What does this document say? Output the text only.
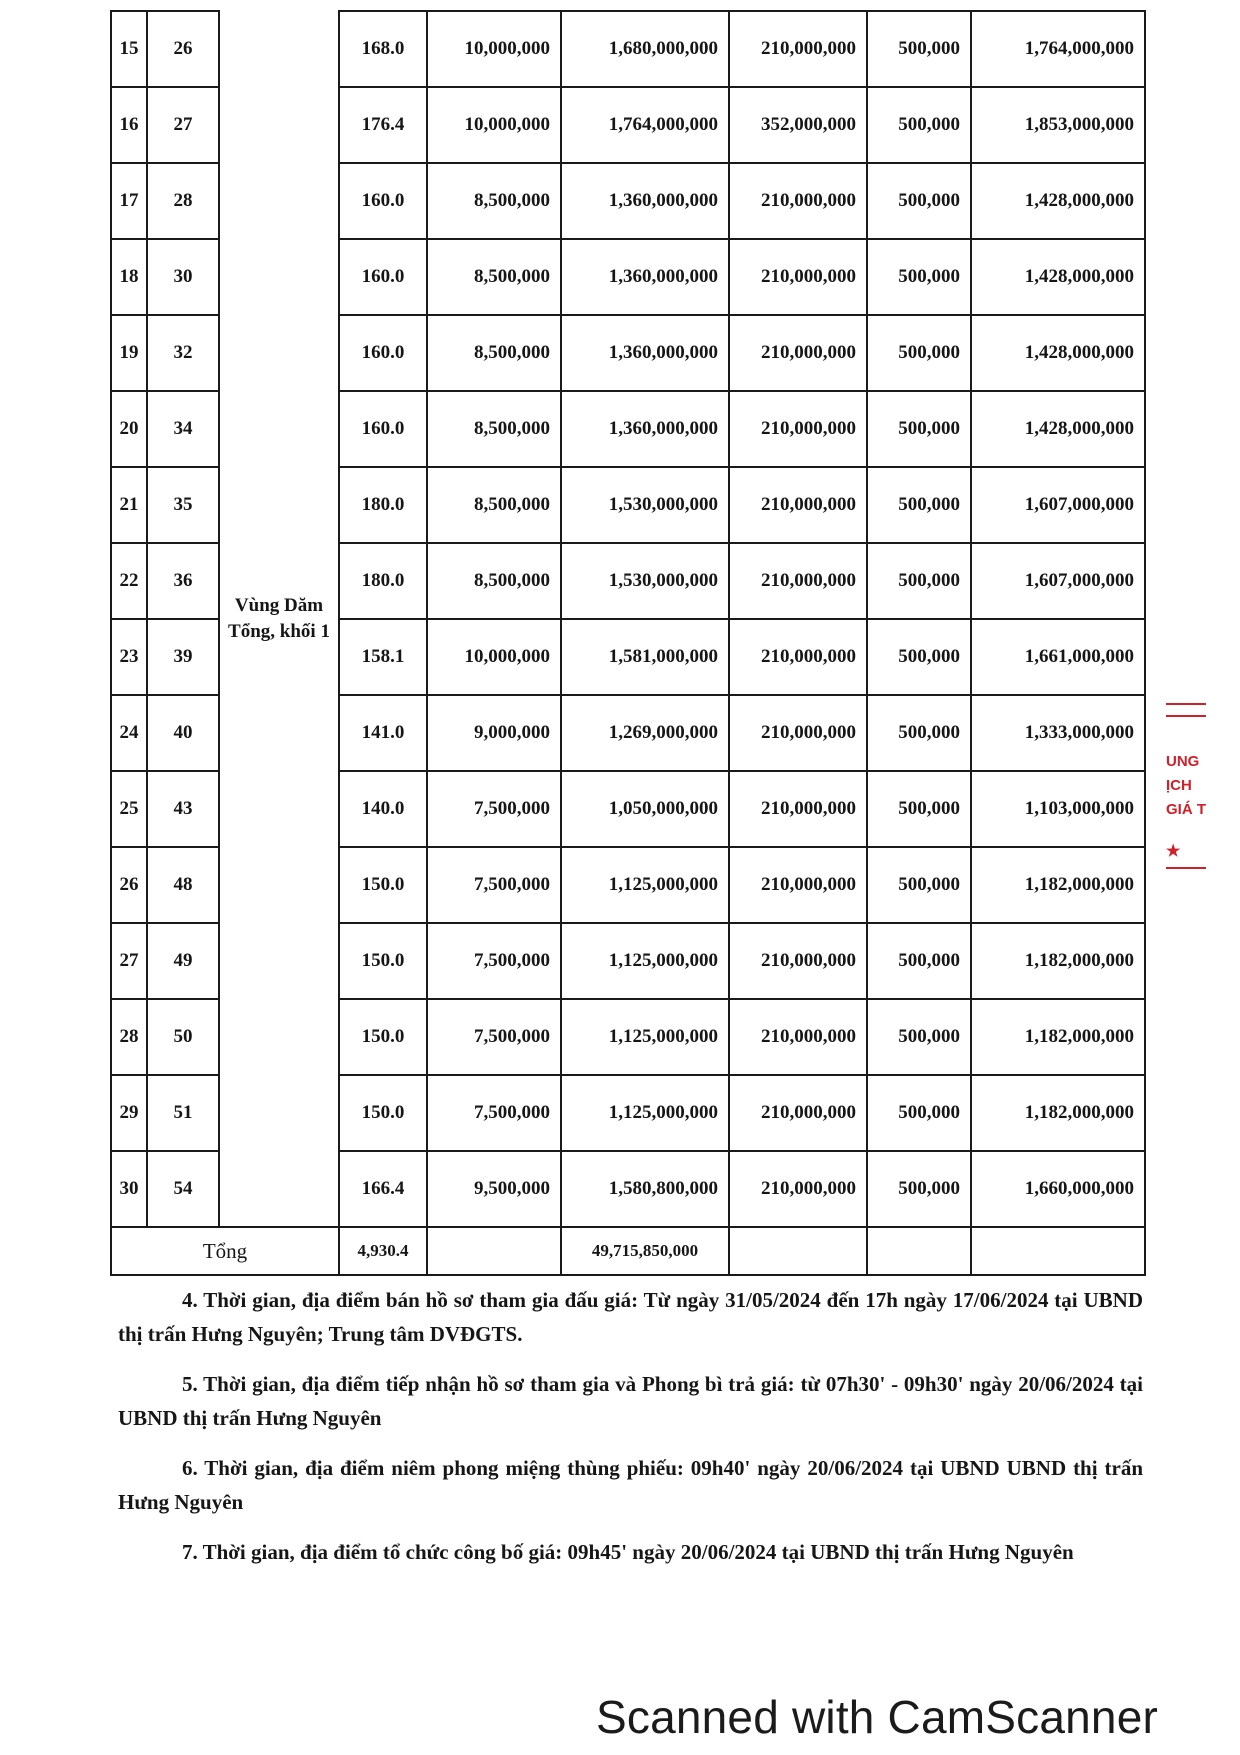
15	26	Vùng Dăm Tổng, khối 1	168.0	10,000,000	1,680,000,000	210,000,000	500,000	1,764,000,000
16	27		176.4	10,000,000	1,764,000,000	352,000,000	500,000	1,853,000,000
17	28		160.0	8,500,000	1,360,000,000	210,000,000	500,000	1,428,000,000
18	30		160.0	8,500,000	1,360,000,000	210,000,000	500,000	1,428,000,000
19	32		160.0	8,500,000	1,360,000,000	210,000,000	500,000	1,428,000,000
20	34		160.0	8,500,000	1,360,000,000	210,000,000	500,000	1,428,000,000
21	35		180.0	8,500,000	1,530,000,000	210,000,000	500,000	1,607,000,000
22	36		180.0	8,500,000	1,530,000,000	210,000,000	500,000	1,607,000,000
23	39		158.1	10,000,000	1,581,000,000	210,000,000	500,000	1,661,000,000
24	40		141.0	9,000,000	1,269,000,000	210,000,000	500,000	1,333,000,000
25	43		140.0	7,500,000	1,050,000,000	210,000,000	500,000	1,103,000,000
26	48		150.0	7,500,000	1,125,000,000	210,000,000	500,000	1,182,000,000
27	49		150.0	7,500,000	1,125,000,000	210,000,000	500,000	1,182,000,000
28	50		150.0	7,500,000	1,125,000,000	210,000,000	500,000	1,182,000,000
29	51		150.0	7,500,000	1,125,000,000	210,000,000	500,000	1,182,000,000
30	54		166.4	9,500,000	1,580,800,000	210,000,000	500,000	1,660,000,000
Tổng			4,930.4		49,715,850,000			

4. Thời gian, địa điểm bán hồ sơ tham gia đấu giá: Từ ngày 31/05/2024 đến 17h ngày 17/06/2024 tại UBND thị trấn Hưng Nguyên; Trung tâm DVĐGTS.

5. Thời gian, địa điểm tiếp nhận hồ sơ tham gia và Phong bì trả giá: từ 07h30' - 09h30' ngày 20/06/2024 tại UBND thị trấn Hưng Nguyên

6. Thời gian, địa điểm niêm phong miệng thùng phiếu: 09h40' ngày 20/06/2024 tại UBND UBND thị trấn Hưng Nguyên

7. Thời gian, địa điểm tổ chức công bố giá: 09h45' ngày 20/06/2024 tại UBND thị trấn Hưng Nguyên

UNG
ỊCH
GIÁ T
★
Scanned with CamScanner
